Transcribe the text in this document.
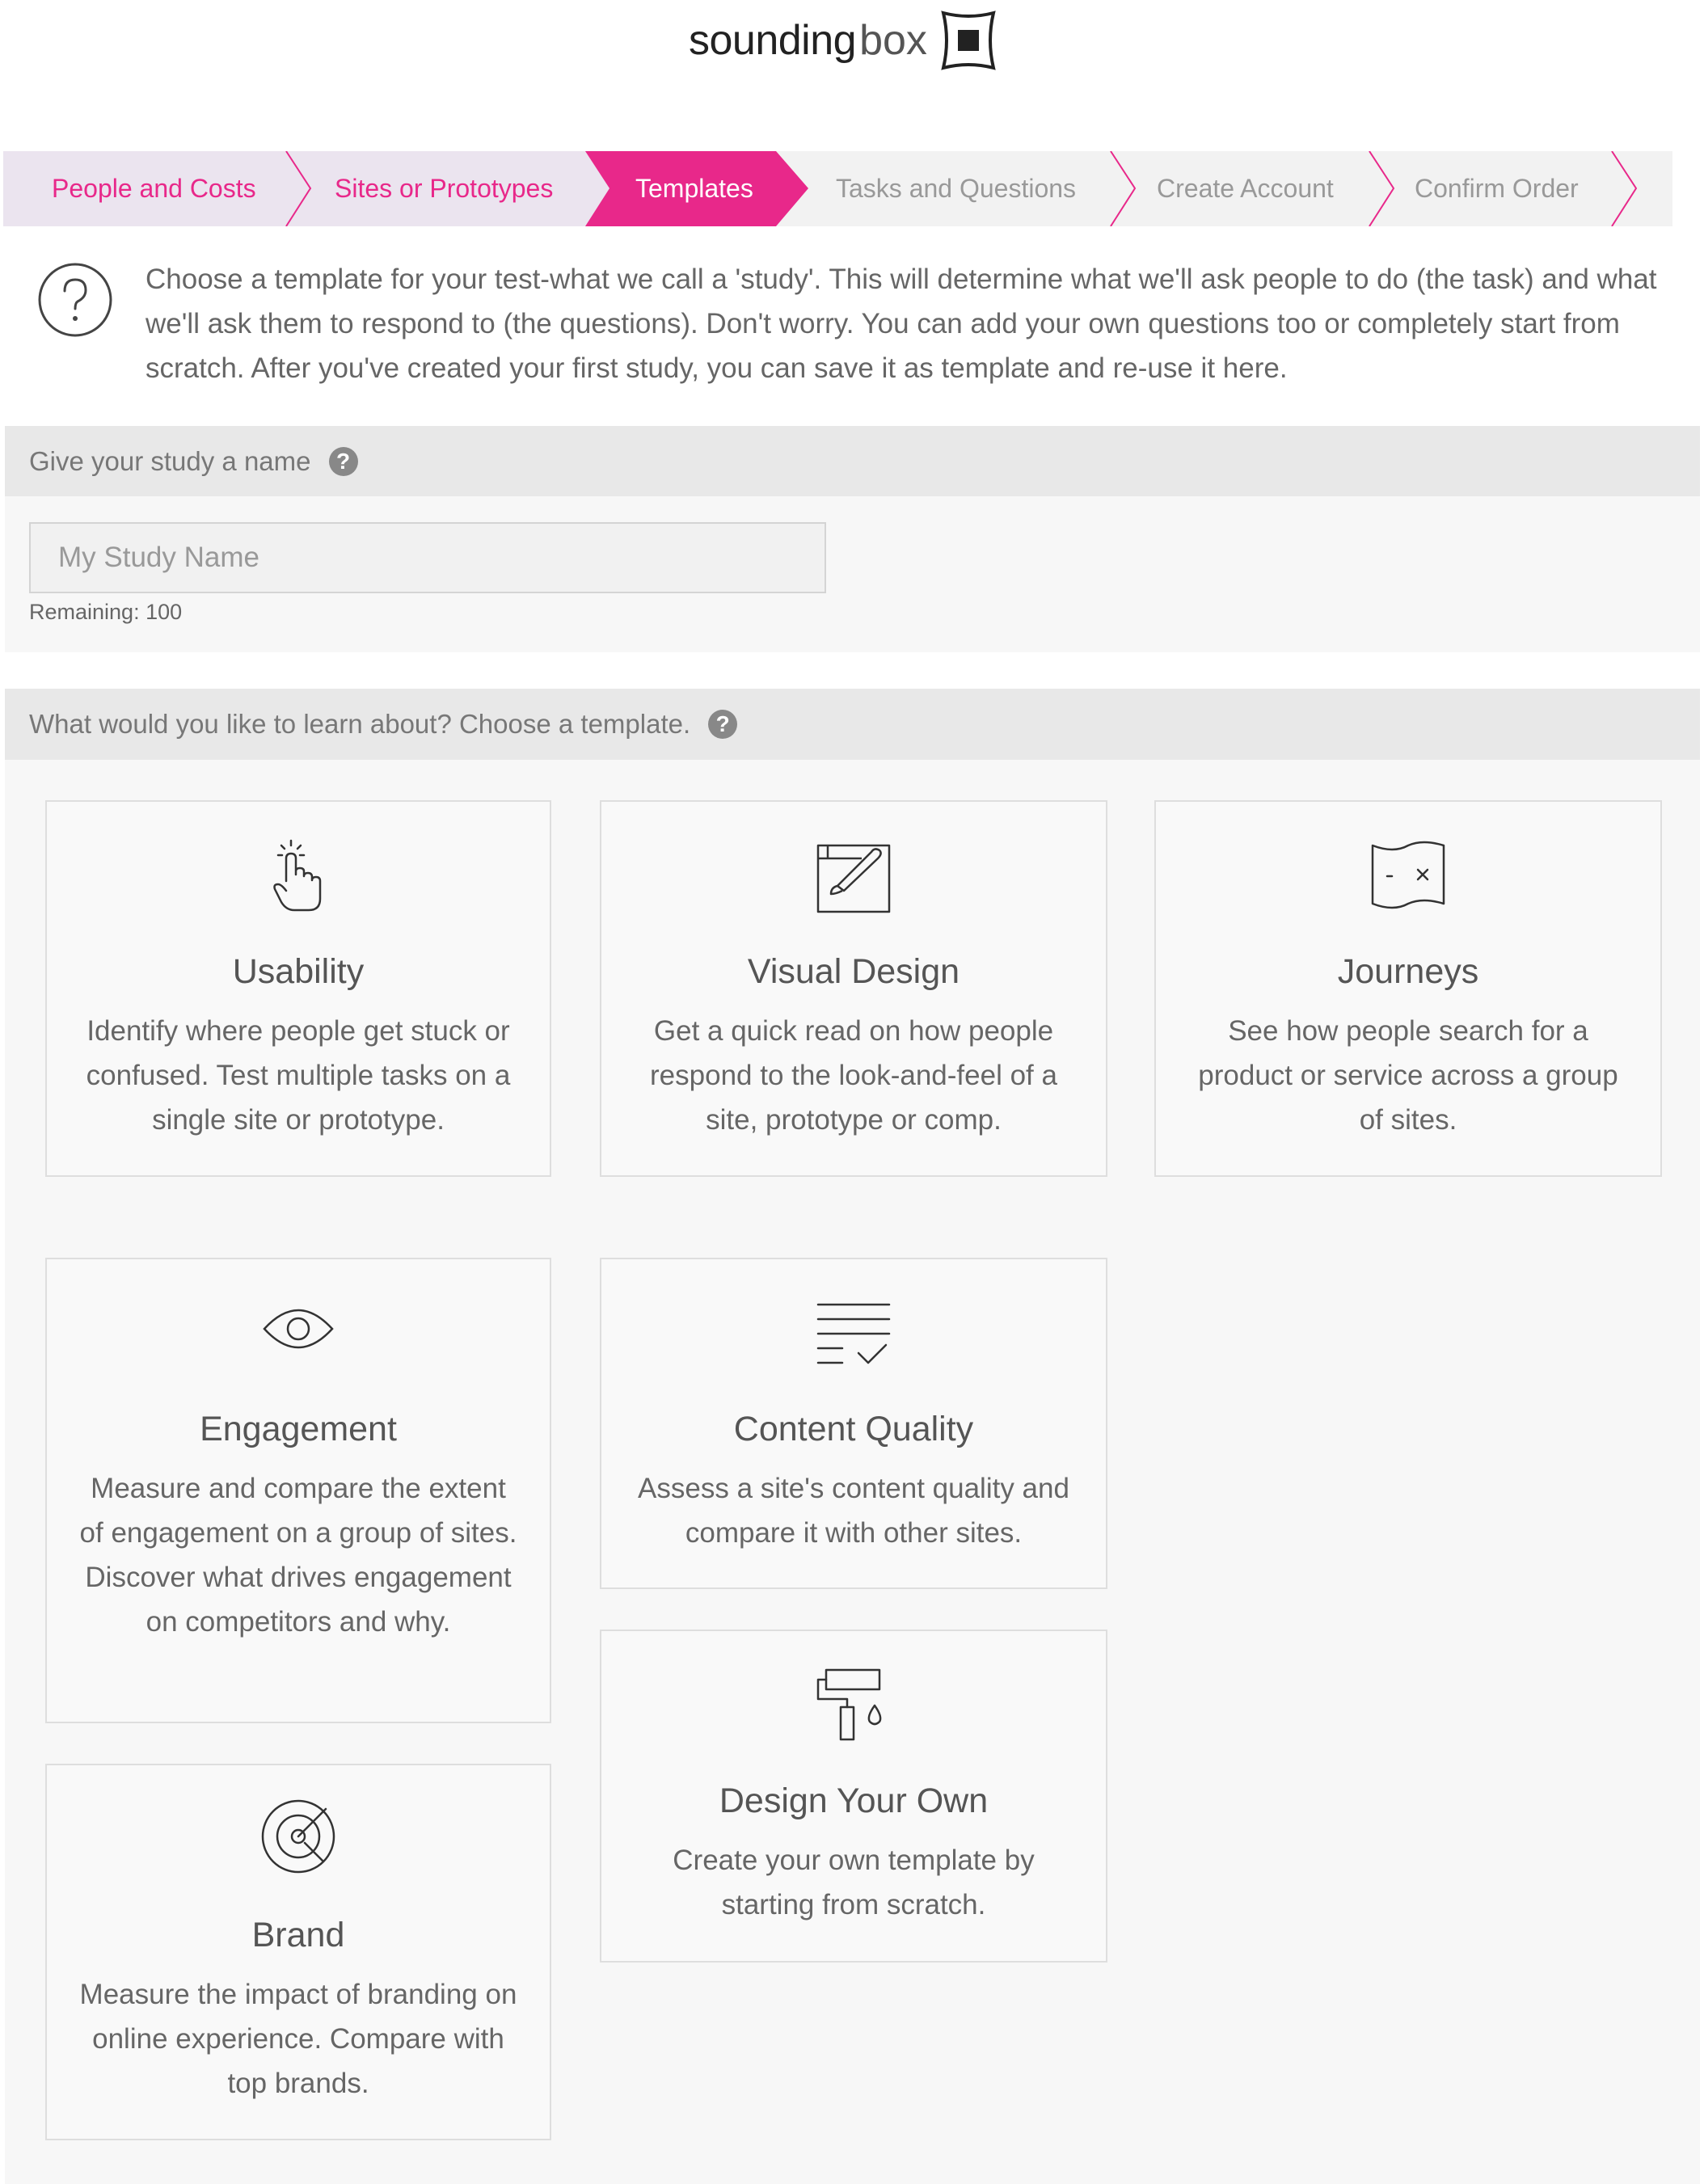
sounding box
People and Costs	Sites or Prototypes	Templates	Tasks and Questions	Create Account	Confirm Order
Choose a template for your test-what we call a 'study'. This will determine what we'll ask people to do (the task) and what we'll ask them to respond to (the questions). Don't worry. You can add your own questions too or completely start from scratch. After you've created your first study, you can save it as template and re-use it here.
Give your study a name	?
My Study Name
Remaining: 100
What would you like to learn about? Choose a template.	?
Usability
Identify where people get stuck or confused. Test multiple tasks on a single site or prototype.
Visual Design
Get a quick read on how people respond to the look-and-feel of a site, prototype or comp.
Journeys
See how people search for a product or service across a group of sites.
Engagement
Measure and compare the extent of engagement on a group of sites. Discover what drives engagement on competitors and why.
Content Quality
Assess a site's content quality and compare it with other sites.
Design Your Own
Create your own template by starting from scratch.
Brand
Measure the impact of branding on online experience. Compare with top brands.
